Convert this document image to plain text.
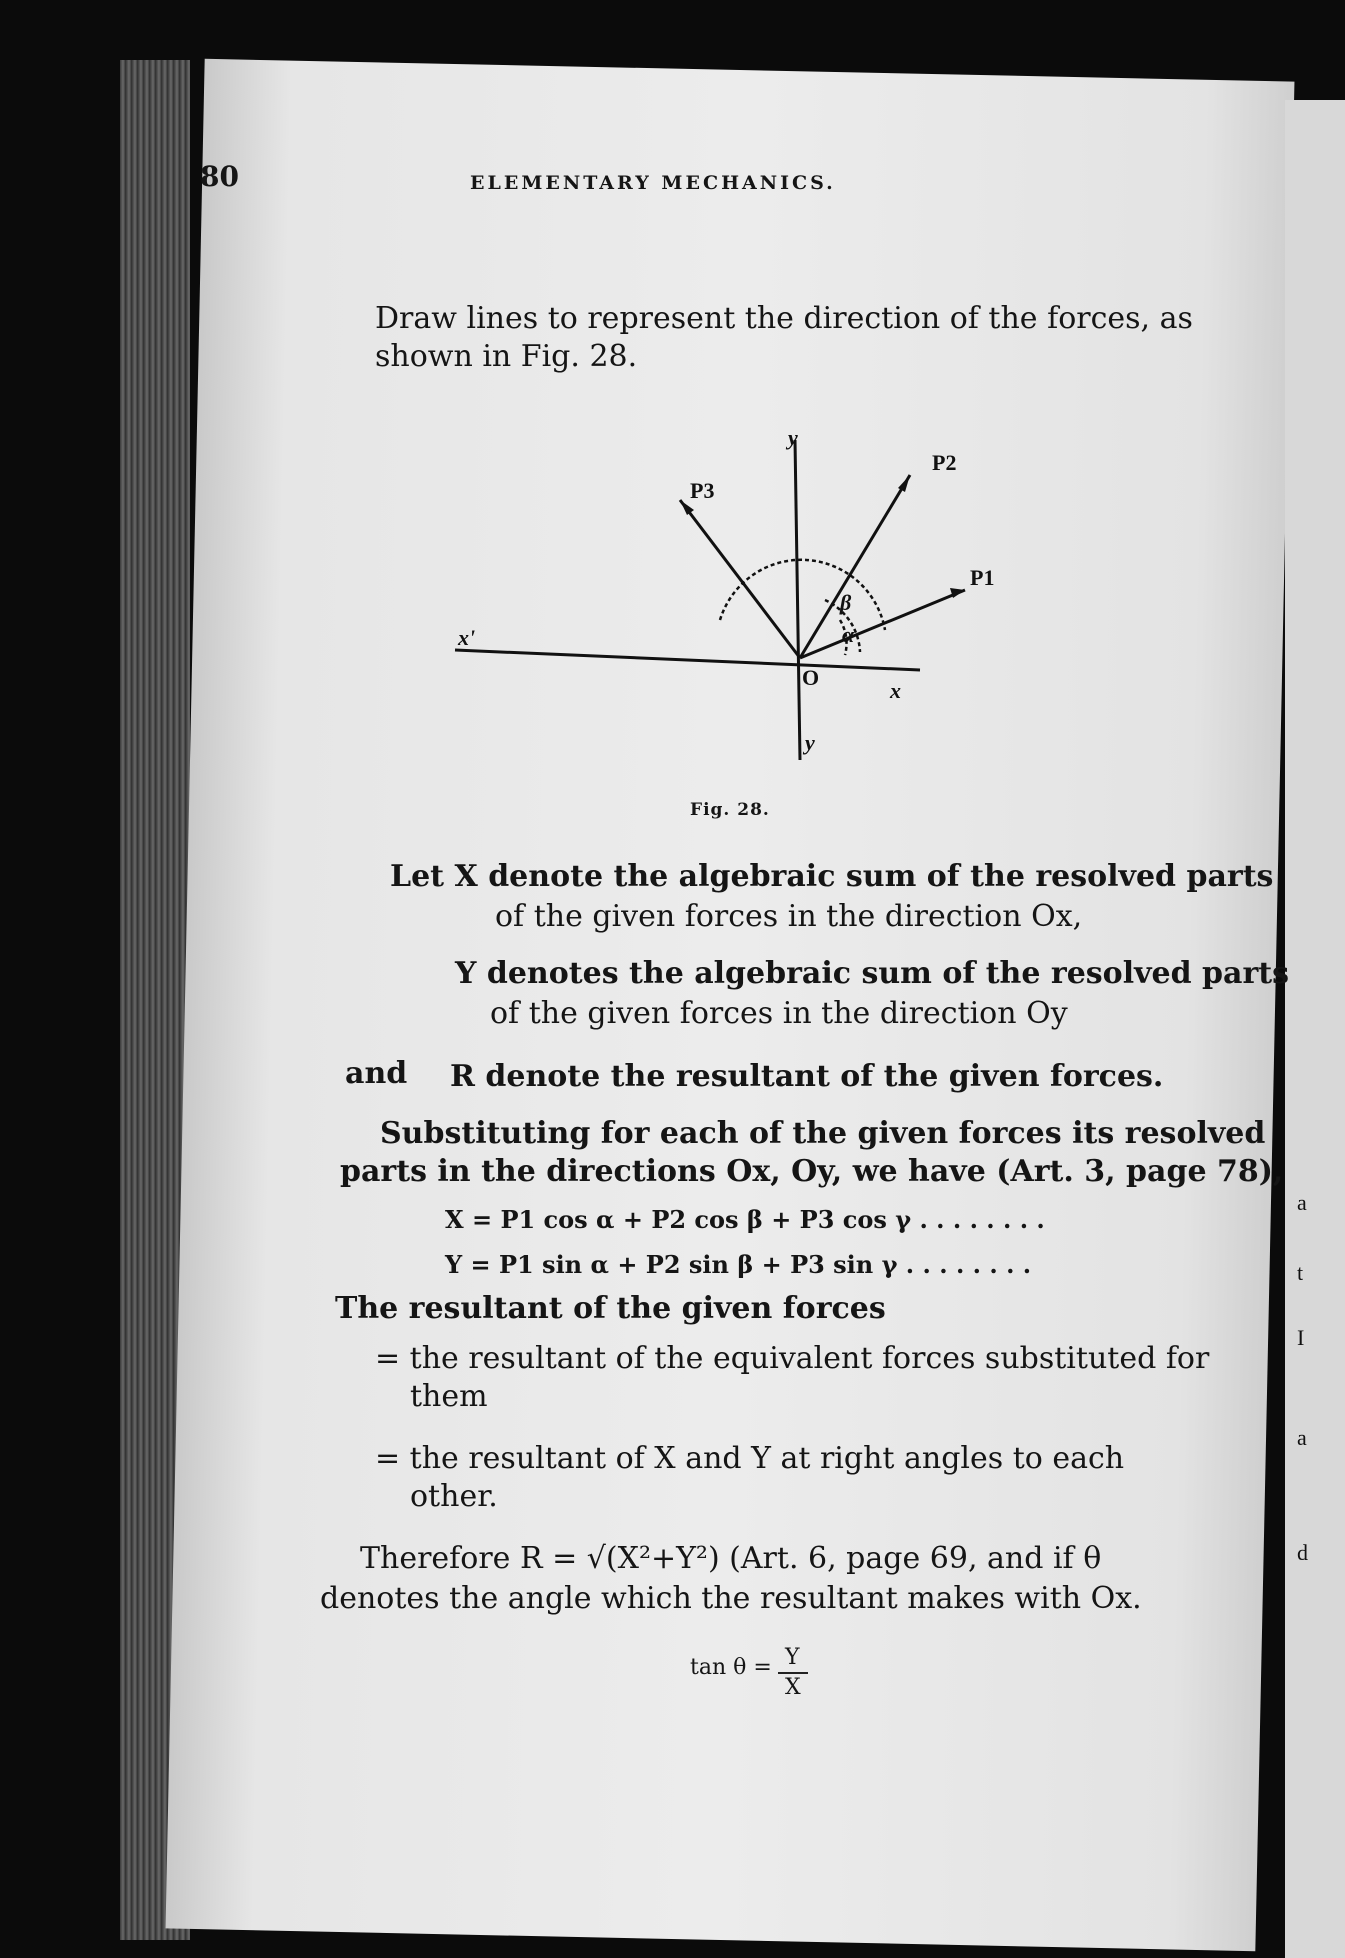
a
t
I
a
d
80	ELEMENTARY MECHANICS.
Draw lines to represent the direction of the forces, as
shown in Fig. 28.
y
y
x'
x
O
P2
P1
P3
α
β
Fig. 28.
Let X denote the algebraic sum of the resolved parts
of the given forces in the direction Ox,
Y denotes the algebraic sum of the resolved parts
of the given forces in the direction Oy
and R denote the resultant of the given forces.
Substituting for each of the given forces its resolved
parts in the directions Ox, Oy, we have (Art. 3, page 78),
X = P1 cos α + P2 cos β + P3 cos γ . . . . . . . .
Y = P1 sin α + P2 sin β + P3 sin γ . . . . . . . .
The resultant of the given forces
= the resultant of the equivalent forces substituted for
them
= the resultant of X and Y at right angles to each
other.
Therefore R = √(X²+Y²) (Art. 6, page 69, and if θ
denotes the angle which the resultant makes with Ox.
tan θ = Y
X
